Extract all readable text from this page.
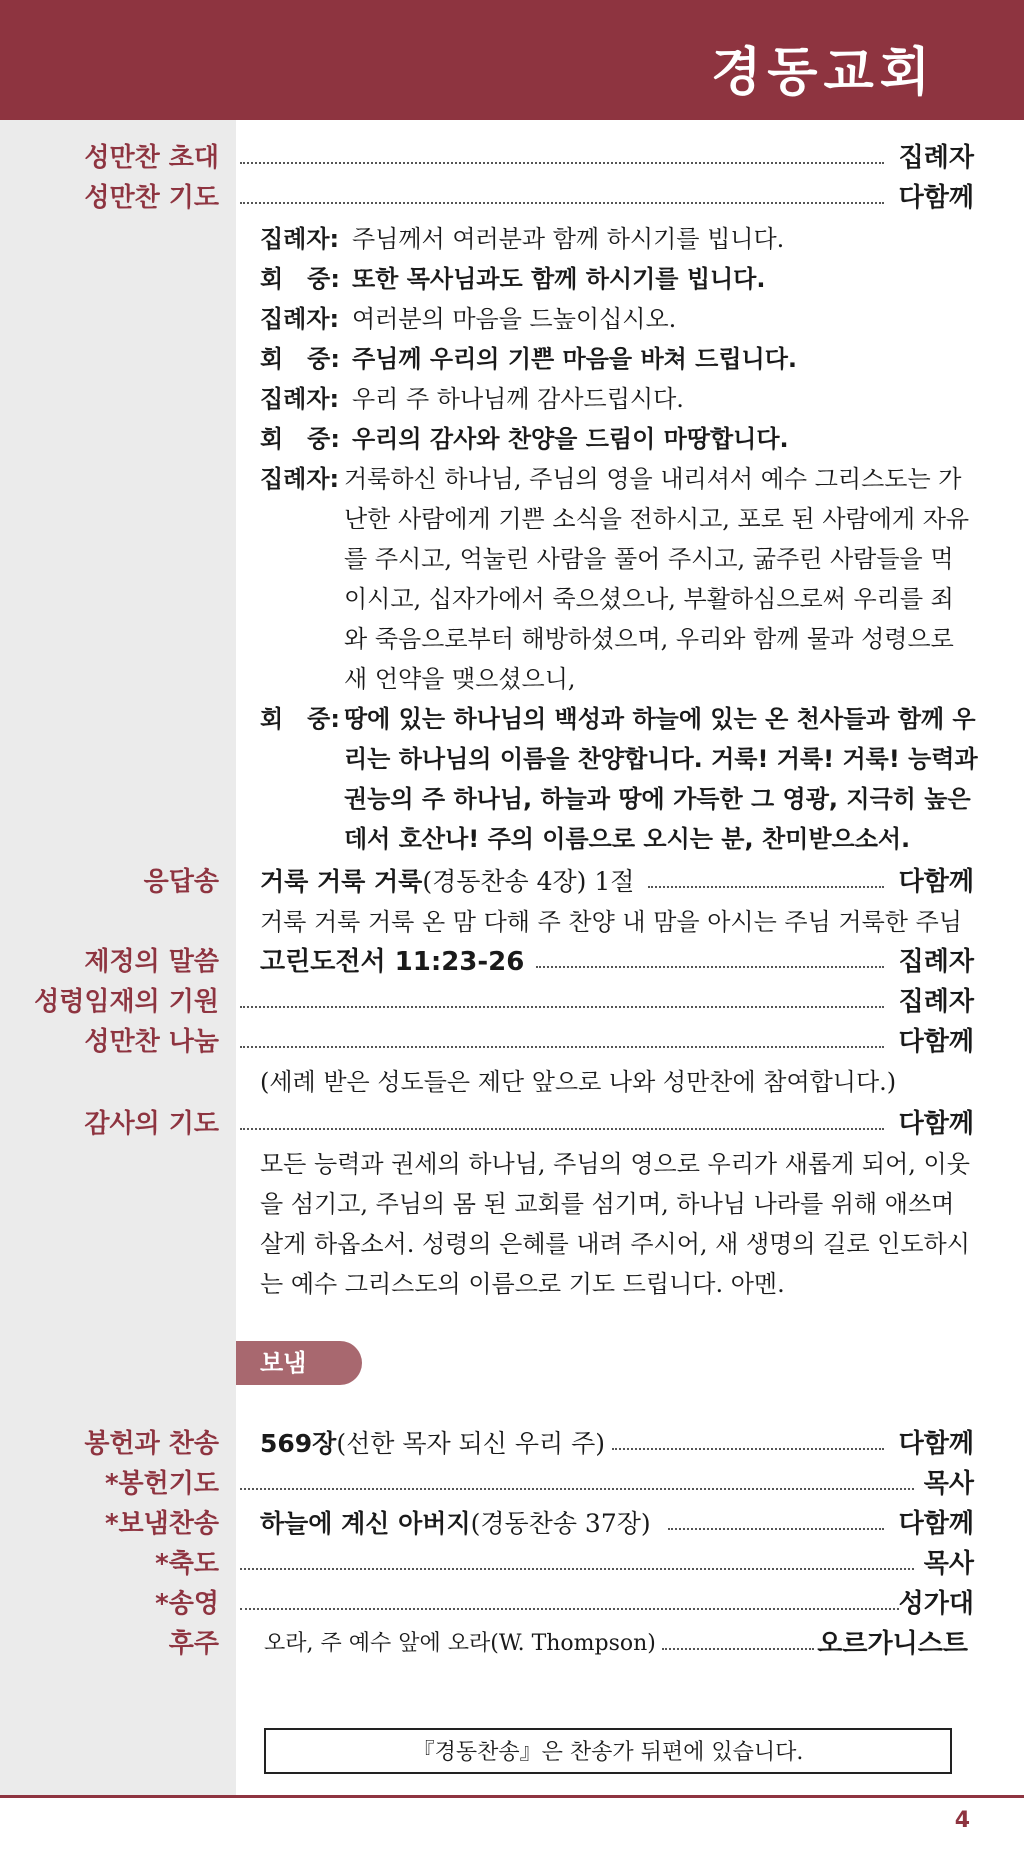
경동교회
성만찬 초대	집례자
성만찬 기도	다함께
집례자: 주님께서 여러분과 함께 하시기를 빕니다.
회　중: 또한 목사님과도 함께 하시기를 빕니다.
집례자: 여러분의 마음을 드높이십시오.
회　중: 주님께 우리의 기쁜 마음을 바쳐 드립니다.
집례자: 우리 주 하나님께 감사드립시다.
회　중: 우리의 감사와 찬양을 드림이 마땅합니다.
집례자: 거룩하신 하나님, 주님의 영을 내리셔서 예수 그리스도는 가
난한 사람에게 기쁜 소식을 전하시고, 포로 된 사람에게 자유
를 주시고, 억눌린 사람을 풀어 주시고, 굶주린 사람들을 먹
이시고, 십자가에서 죽으셨으나, 부활하심으로써 우리를 죄
와 죽음으로부터 해방하셨으며, 우리와 함께 물과 성령으로
새 언약을 맺으셨으니,
회　중: 땅에 있는 하나님의 백성과 하늘에 있는 온 천사들과 함께 우
리는 하나님의 이름을 찬양합니다. 거룩! 거룩! 거룩! 능력과
권능의 주 하나님, 하늘과 땅에 가득한 그 영광, 지극히 높은
데서 호산나! 주의 이름으로 오시는 분, 찬미받으소서.
응답송 거룩 거룩 거룩(경동찬송 4장) 1절	다함께
거룩 거룩 거룩 온 맘 다해 주 찬양 내 맘을 아시는 주님 거룩한 주님
제정의 말씀 고린도전서 11:23-26	집례자
성령임재의 기원	집례자
성만찬 나눔	다함께
(세례 받은 성도들은 제단 앞으로 나와 성만찬에 참여합니다.)
감사의 기도	다함께
모든 능력과 권세의 하나님, 주님의 영으로 우리가 새롭게 되어, 이웃
을 섬기고, 주님의 몸 된 교회를 섬기며, 하나님 나라를 위해 애쓰며
살게 하옵소서. 성령의 은혜를 내려 주시어, 새 생명의 길로 인도하시
는 예수 그리스도의 이름으로 기도 드립니다. 아멘.
보냄
봉헌과 찬송 569장(선한 목자 되신 우리 주)	다함께
*봉헌기도	목사
*보냄찬송 하늘에 계신 아버지(경동찬송 37장)	다함께
*축도	목사
*송영	성가대
후주 오라, 주 예수 앞에 오라(W. Thompson)	오르가니스트
『경동찬송』은 찬송가 뒤편에 있습니다.
4
